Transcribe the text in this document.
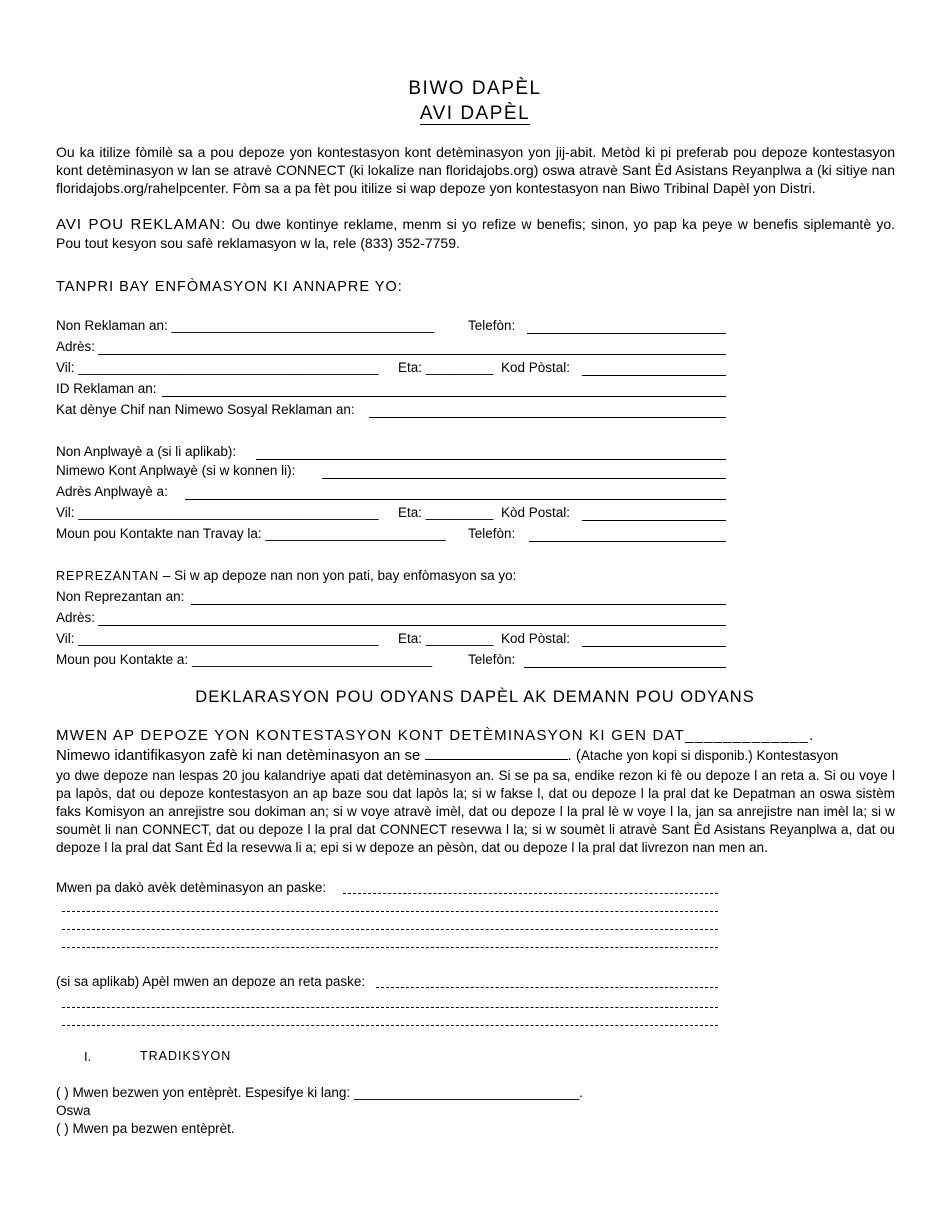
BIWO DAPÈL
AVI DAPÈL
Ou ka itilize fòmilè sa a pou depoze yon kontestasyon kont detèminasyon yon jij-abit. Metòd ki pi preferab pou depoze kontestasyon kont detèminasyon w lan se atravè CONNECT (ki lokalize nan floridajobs.org) oswa atravè Sant Èd Asistans Reyanplwa a (ki sitiye nan floridajobs.org/rahelpcenter. Fòm sa a pa fèt pou itilize si wap depoze yon kontestasyon nan Biwo Tribinal Dapèl yon Distri.
AVI POU REKLAMAN: Ou dwe kontinye reklame, menm si yo refize w benefis; sinon, yo pap ka peye w benefis siplemantè yo. Pou tout kesyon sou safè reklamasyon w la, rele (833) 352-7759.
TANPRI BAY ENFÒMASYON KI ANNAPRE YO:
Non Reklaman an: ___________________________________ Telefòn:
Adrès:
Vil: ________________________________________ Eta: _________ Kod Pòstal:
ID Reklaman an:
Kat dènye Chif nan Nimewo Sosyal Reklaman an:
Non Anplwayè a (si li aplikab):
Nimewo Kont Anplwayè (si w konnen li):
Adrès Anplwayè a:
Vil: ________________________________________ Eta: _________ Kòd Postal:
Moun pou Kontakte nan Travay la: ________________________ Telefòn:
REPREZANTAN – Si w ap depoze nan non yon pati, bay enfòmasyon sa yo:
Non Reprezantan an:
Adrès:
Vil: ________________________________________ Eta: _________ Kod Pòstal:
Moun pou Kontakte a: ________________________________	Telefòn:
DEKLARASYON POU ODYANS DAPÈL AK DEMANN POU ODYANS
MWEN AP DEPOZE YON KONTESTASYON KONT DETÈMINASYON KI GEN DAT_____________.
Nimewo idantifikasyon zafè ki nan detèminasyon an se	. (Atache yon kopi si disponib.) Kontestasyon
yo dwe depoze nan lespas 20 jou kalandriye apati dat detèminasyon an. Si se pa sa, endike rezon ki fè ou depoze l an reta a. Si ou voye l pa lapòs, dat ou depoze kontestasyon an ap baze sou dat lapòs la; si w fakse l, dat ou depoze l la pral dat ke Depatman an oswa sistèm faks Komisyon an anrejistre sou dokiman an; si w voye atravè imèl, dat ou depoze l la pral lè w voye l la, jan sa anrejistre nan imèl la; si w soumèt li nan CONNECT, dat ou depoze l la pral dat CONNECT resevwa l la; si w soumèt li atravè Sant Èd Asistans Reyanplwa a, dat ou depoze l la pral dat Sant Èd la resevwa li a; epi si w depoze an pèsòn, dat ou depoze l la pral dat livrezon nan men an.
Mwen pa dakò avèk detèminasyon an paske:
(si sa aplikab) Apèl mwen an depoze an reta paske:
I.	TRADIKSYON
( ) Mwen bezwen yon entèprèt. Espesifye ki lang: ______________________________.
Oswa
( ) Mwen pa bezwen entèprèt.
